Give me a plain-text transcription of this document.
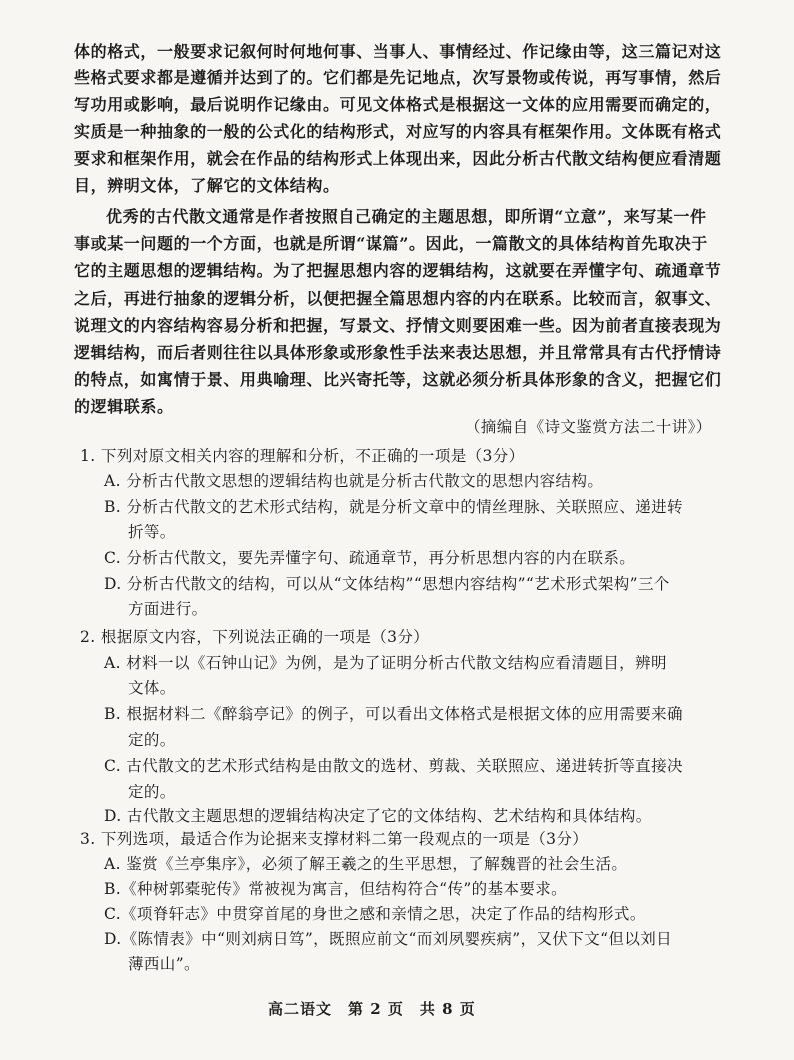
体的格式，一般要求记叙何时何地何事、当事人、事情经过、作记缘由等，这三篇记对这
些格式要求都是遵循并达到了的。它们都是先记地点，次写景物或传说，再写事情，然后
写功用或影响，最后说明作记缘由。可见文体格式是根据这一文体的应用需要而确定的，
实质是一种抽象的一般的公式化的结构形式，对应写的内容具有框架作用。文体既有格式
要求和框架作用，就会在作品的结构形式上体现出来，因此分析古代散文结构便应看清题
目，辨明文体，了解它的文体结构。
优秀的古代散文通常是作者按照自己确定的主题思想，即所谓“立意”，来写某一件
事或某一问题的一个方面，也就是所谓“谋篇”。因此，一篇散文的具体结构首先取决于
它的主题思想的逻辑结构。为了把握思想内容的逻辑结构，这就要在弄懂字句、疏通章节
之后，再进行抽象的逻辑分析，以便把握全篇思想内容的内在联系。比较而言，叙事文、
说理文的内容结构容易分析和把握，写景文、抒情文则要困难一些。因为前者直接表现为
逻辑结构，而后者则往往以具体形象或形象性手法来表达思想，并且常常具有古代抒情诗
的特点，如寓情于景、用典喻理、比兴寄托等，这就必须分析具体形象的含义，把握它们
的逻辑联系。
（摘编自《诗文鉴赏方法二十讲》）
1. 下列对原文相关内容的理解和分析，不正确的一项是（3分）
A. 分析古代散文思想的逻辑结构也就是分析古代散文的思想内容结构。
B. 分析古代散文的艺术形式结构，就是分析文章中的情丝理脉、关联照应、递进转
折等。
C. 分析古代散文，要先弄懂字句、疏通章节，再分析思想内容的内在联系。
D. 分析古代散文的结构，可以从“文体结构”“思想内容结构”“艺术形式架构”三个
方面进行。
2. 根据原文内容，下列说法正确的一项是（3分）
A. 材料一以《石钟山记》为例，是为了证明分析古代散文结构应看清题目，辨明
文体。
B. 根据材料二《醉翁亭记》的例子，可以看出文体格式是根据文体的应用需要来确
定的。
C. 古代散文的艺术形式结构是由散文的选材、剪裁、关联照应、递进转折等直接决
定的。
D. 古代散文主题思想的逻辑结构决定了它的文体结构、艺术结构和具体结构。
3. 下列选项，最适合作为论据来支撑材料二第一段观点的一项是（3分）
A. 鉴赏《兰亭集序》，必须了解王羲之的生平思想，了解魏晋的社会生活。
B.《种树郭橐驼传》常被视为寓言，但结构符合“传”的基本要求。
C.《项脊轩志》中贯穿首尾的身世之感和亲情之思，决定了作品的结构形式。
D.《陈情表》中“则刘病日笃”，既照应前文“而刘夙婴疾病”，又伏下文“但以刘日
薄西山”。
高二语文　第 2 页　共 8 页
